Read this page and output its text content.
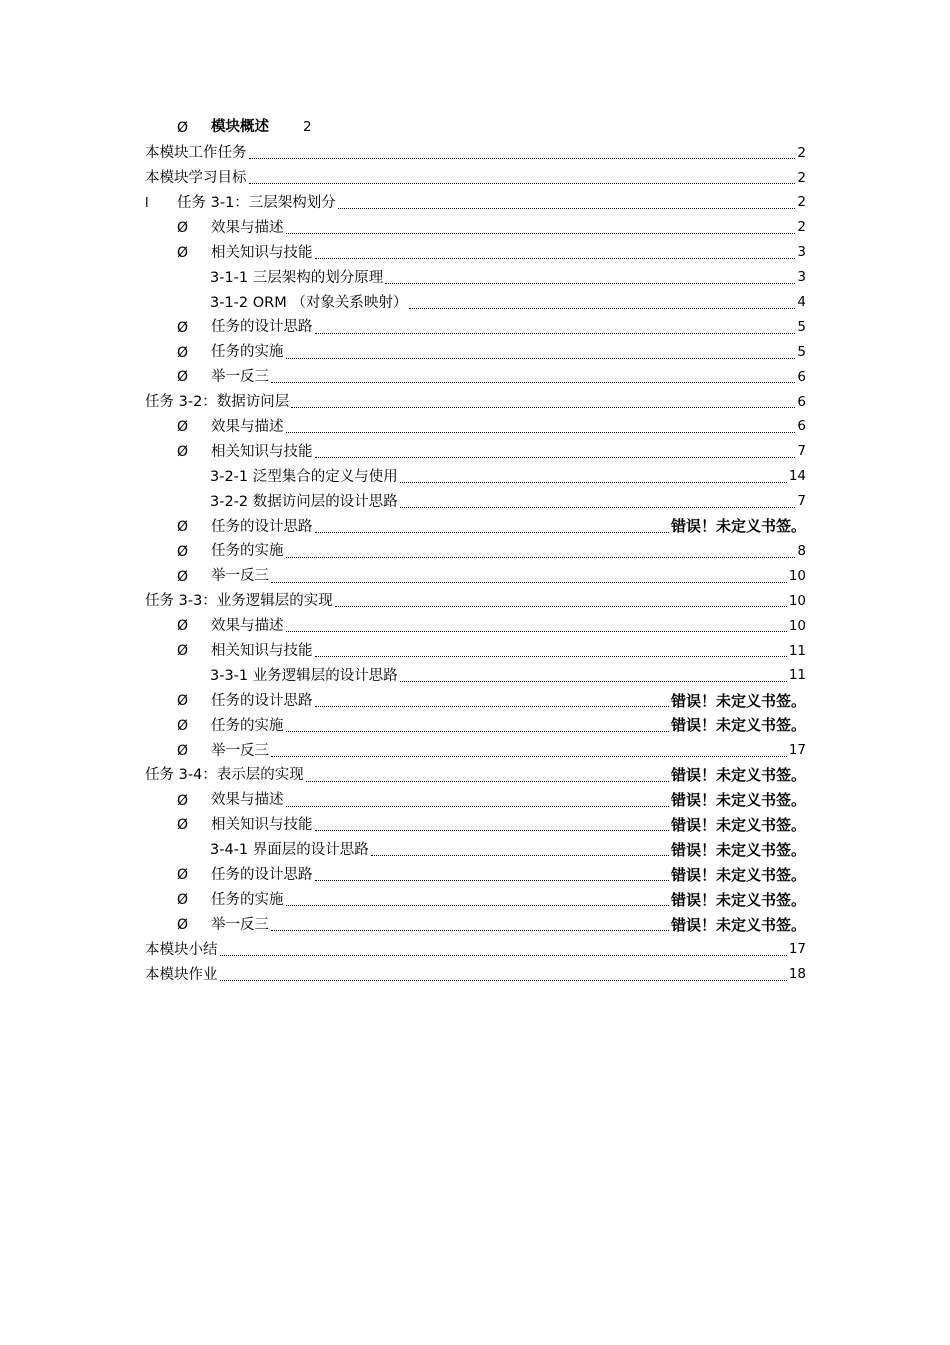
Ø	模块概述	2
本模块工作任务	2
本模块学习目标	2
l 任务 3-1：三层架构划分	2
Ø	效果与描述	2
Ø	相关知识与技能	3
3-1-1 三层架构的划分原理	3
3-1-2 ORM （对象关系映射）	4
Ø	任务的设计思路	5
Ø	任务的实施	5
Ø	举一反三	6
任务 3-2：数据访问层	6
Ø	效果与描述	6
Ø	相关知识与技能	7
3-2-1 泛型集合的定义与使用	14
3-2-2 数据访问层的设计思路	7
Ø	任务的设计思路	错误！未定义书签。
Ø	任务的实施	8
Ø	举一反三	10
任务 3-3：业务逻辑层的实现	10
Ø	效果与描述	10
Ø	相关知识与技能	11
3-3-1 业务逻辑层的设计思路	11
Ø	任务的设计思路	错误！未定义书签。
Ø	任务的实施	错误！未定义书签。
Ø	举一反三	17
任务 3-4：表示层的实现	错误！未定义书签。
Ø	效果与描述	错误！未定义书签。
Ø	相关知识与技能	错误！未定义书签。
3-4-1 界面层的设计思路	错误！未定义书签。
Ø	任务的设计思路	错误！未定义书签。
Ø	任务的实施	错误！未定义书签。
Ø	举一反三	错误！未定义书签。
本模块小结	17
本模块作业	18
